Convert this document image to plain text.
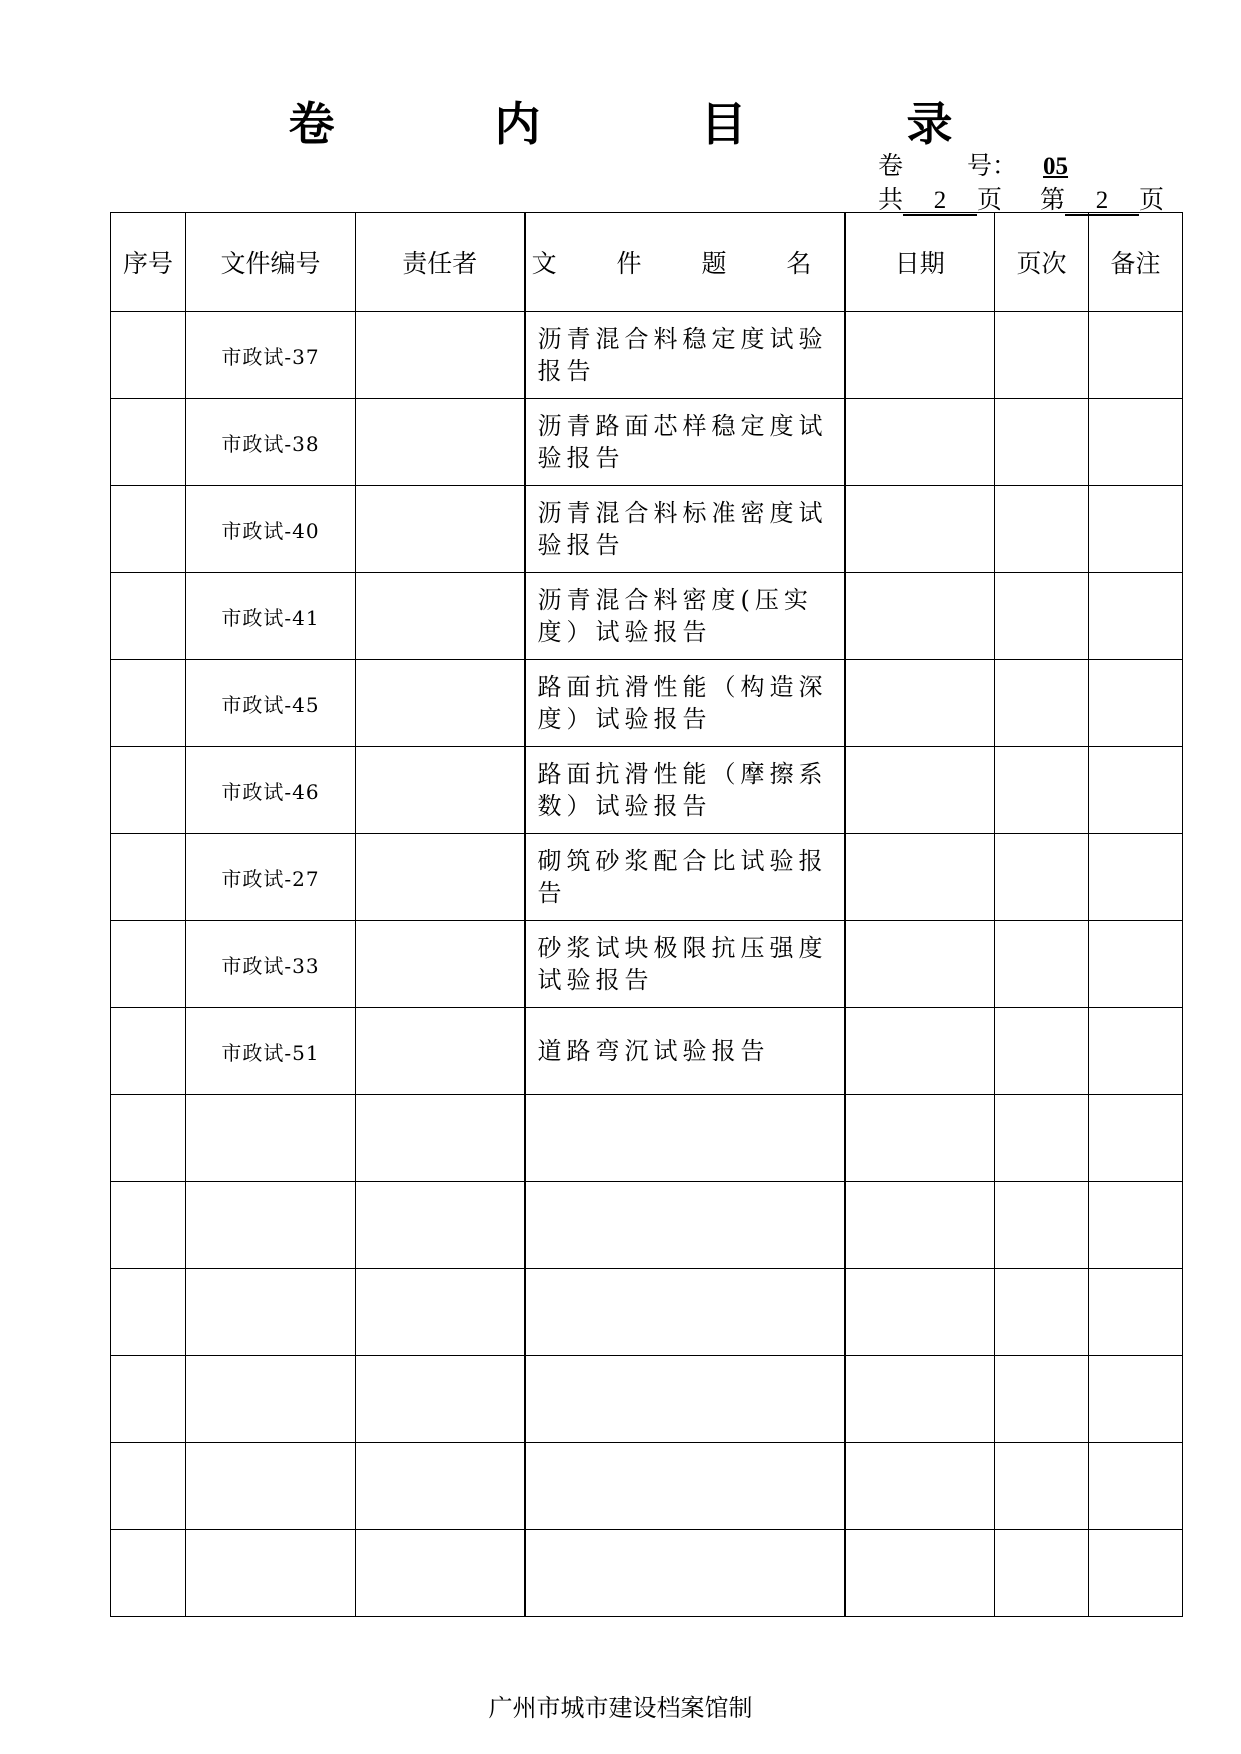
卷 内 目 录
卷	号： 05
共 2 页 第 2 页
序号	文件编号	责任者	文 件 题 名	日期	页次	备注
	市政试-37		沥青混合料稳定度试验报告			
	市政试-38		沥青路面芯样稳定度试验报告			
	市政试-40		沥青混合料标准密度试验报告			
	市政试-41		沥青混合料密度(压实度）试验报告			
	市政试-45		路面抗滑性能（构造深度）试验报告			
	市政试-46		路面抗滑性能（摩擦系数）试验报告			
	市政试-27		砌筑砂浆配合比试验报告			
	市政试-33		砂浆试块极限抗压强度试验报告			
	市政试-51		道路弯沉试验报告			

广州市城市建设档案馆制
